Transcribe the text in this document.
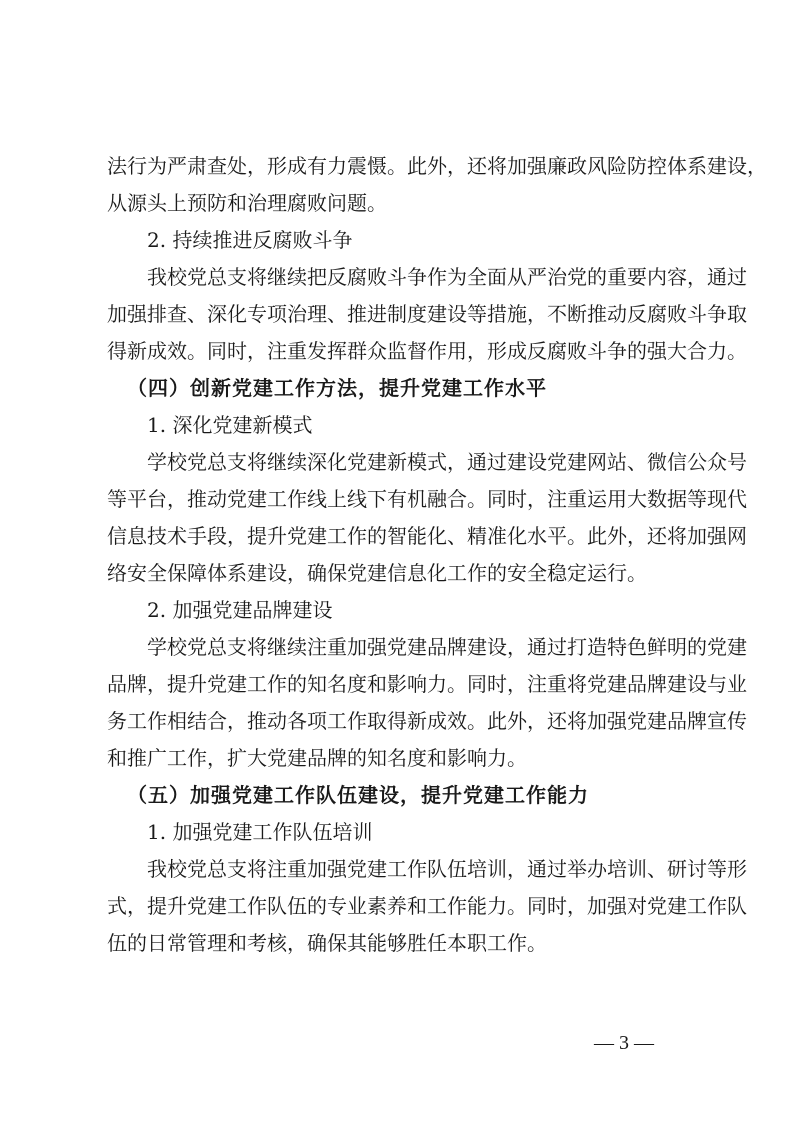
法行为严肃查处，形成有力震慑。此外，还将加强廉政风险防控体系建设，
从源头上预防和治理腐败问题。
2. 持续推进反腐败斗争
我校党总支将继续把反腐败斗争作为全面从严治党的重要内容，通过
加强排查、深化专项治理、推进制度建设等措施，不断推动反腐败斗争取
得新成效。同时，注重发挥群众监督作用，形成反腐败斗争的强大合力。
（四）创新党建工作方法，提升党建工作水平
1. 深化党建新模式
学校党总支将继续深化党建新模式，通过建设党建网站、微信公众号
等平台，推动党建工作线上线下有机融合。同时，注重运用大数据等现代
信息技术手段，提升党建工作的智能化、精准化水平。此外，还将加强网
络安全保障体系建设，确保党建信息化工作的安全稳定运行。
2. 加强党建品牌建设
学校党总支将继续注重加强党建品牌建设，通过打造特色鲜明的党建
品牌，提升党建工作的知名度和影响力。同时，注重将党建品牌建设与业
务工作相结合，推动各项工作取得新成效。此外，还将加强党建品牌宣传
和推广工作，扩大党建品牌的知名度和影响力。
（五）加强党建工作队伍建设，提升党建工作能力
1. 加强党建工作队伍培训
我校党总支将注重加强党建工作队伍培训，通过举办培训、研讨等形
式，提升党建工作队伍的专业素养和工作能力。同时，加强对党建工作队
伍的日常管理和考核，确保其能够胜任本职工作。
— 3 —
